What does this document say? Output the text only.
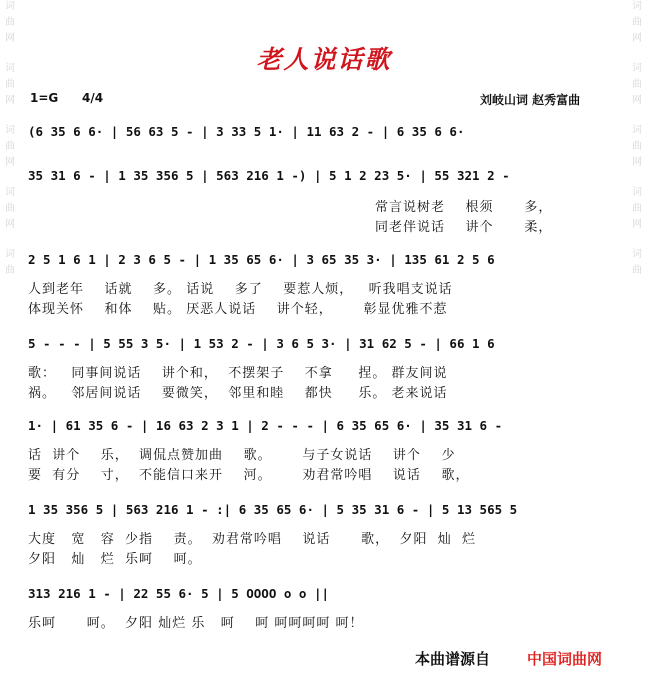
词
曲
网
词
曲
网
词
曲
网
词
曲
网
词
曲
词
曲
网
词
曲
网
词
曲
网
词
曲
网
词
曲
老人说话歌
1=G 4/4	刘岐山词 赵秀富曲
(6 35 6 6· | 56 63 5 - | 3 33 5 1· | 11 63 2 - | 6 35 6 6·
35 31 6 - | 1 35 356 5 | 563 216 1 -) | 5 1 2 23 5· | 55 321 2 -
常言说树老    根须      多，
同老伴说话    讲个      柔，
2 5 1 6 1 | 2 3 6 5 - | 1 35 65 6· | 3 65 35 3· | 135 61 2 5 6
人到老年    话就    多。 话说    多了    要惹人烦，   听我唱支说话
体现关怀    和体    贴。 厌恶人说话    讲个轻，      彰显优雅不惹
5 - - - | 5 55 3 5· | 1 53 2 - | 3 6 5 3· | 31 62 5 - | 66 1 6
歌：   同事间说话    讲个和，  不摆架子    不拿     捏。 群友间说
祸。   邻居间说话    要微笑，  邻里和睦    都快     乐。 老来说话
1· | 61 35 6 - | 16 63 2 3 1 | 2 - - - | 6 35 65 6· | 35 31 6 -
话  讲个    乐，  调侃点赞加曲    歌。      与子女说话    讲个    少
要  有分    寸，  不能信口来开    河。      劝君常吟唱    说话    歌，
1 35 356 5 | 563 216 1 - :| 6 35 65 6· | 5 35 31 6 - | 5 13 565 5
大度   宽   容  少指    责。  劝君常吟唱    说话      歌，  夕阳  灿  烂
夕阳   灿   烂  乐呵    呵。
313 216 1 - | 22 55 6· 5 | 5 OOOO o o ||
乐呵      呵。  夕阳 灿烂 乐   呵    呵 呵呵呵呵 呵！
本曲谱源自 中国词曲网
